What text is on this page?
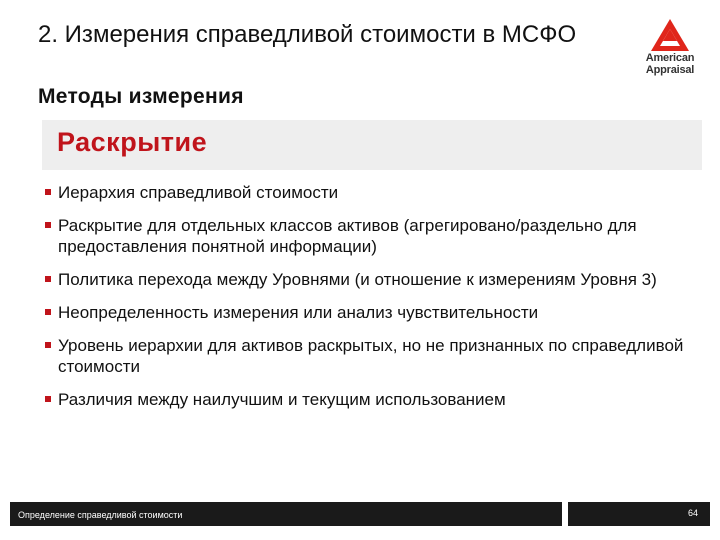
2. Измерения справедливой стоимости в МСФО
Методы измерения
American
Appraisal
Раскрытие
Иерархия справедливой стоимости
Раскрытие для отдельных классов активов (агрегировано/раздельно для предоставления понятной информации)
Политика перехода между Уровнями (и отношение к измерениям Уровня 3)
Неопределенность измерения или анализ чувствительности
Уровень иерархии для активов раскрытых, но не признанных по справедливой стоимости
Различия между наилучшим и текущим использованием
Определение справедливой стоимости	64
